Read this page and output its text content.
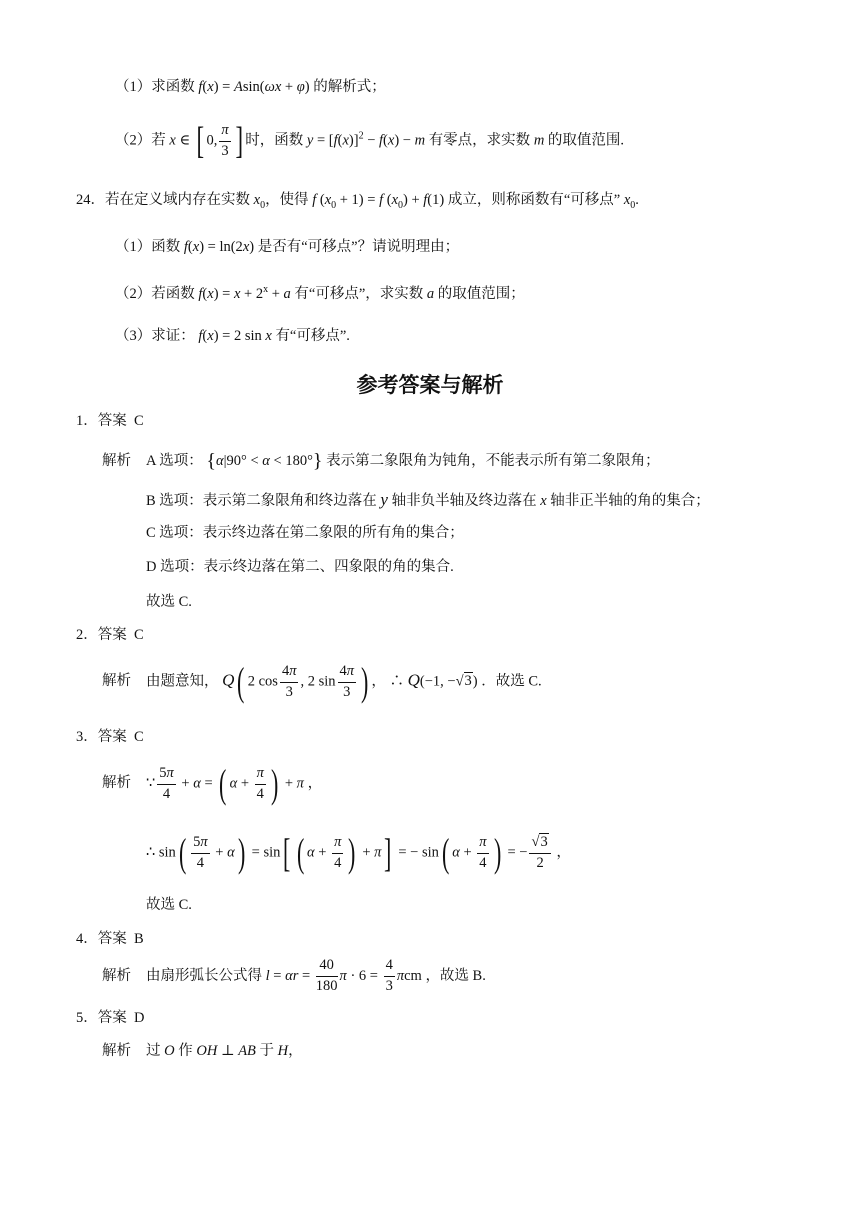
（1）求函数 f(x) = Asin(ωx + φ) 的解析式；
（2）若 x ∈ [ 0, $\frac{\pi}{3}$ ] 时，函数 $y = [f(x)]^2 - f(x) - m$ 有零点，求实数 m 的取值范围.
24．若在定义域内存在实数 $x_0$，使得 f $(x_0 + 1) = f$ $(x_0) + f(1)$ 成立，则称函数有“可移点” $x_0$.
（1）函数 f(x) = ln(2x) 是否有“可移点”？请说明理由；
（2）若函数 $f(x) = x + 2^x + a$ 有“可移点”，求实数 a 的取值范围；
（3）求证： f(x) = 2 sin x 有“可移点”.
参考答案与解析
1．答案 C
解析 A 选项： {α|90° < α < 180°} 表示第二象限角为钝角，不能表示所有第二象限角；
B 选项：表示第二象限角和终边落在 y 轴非负半轴及终边落在 x 轴非正半轴的角的集合；
C 选项：表示终边落在第二象限的所有角的集合；
D 选项：表示终边落在第二、四象限的角的集合.
故选 C.
2．答案 C
解析 由题意知， Q( 2 $\cos \frac{4\pi}{3}$ , 2 $\sin \frac{4\pi}{3}$ ) ， ∴ Q(−1, −√3) ．故选 C.
3．答案 C
解析 ∵ $\frac{5\pi}{4} + \alpha$ = ( $\alpha + \frac{\pi}{4}$ ) + π ，
∴ $\sin( \frac{5\pi}{4} + \alpha) = \sin$[ ( $\alpha + \frac{\pi}{4}$ ) + π] = − sin( $\alpha + \frac{\pi}{4}$ ) = − $\frac{√3}{2}$ ，
故选 C.
4．答案 B
解析 由扇形弧长公式得 $l = \alpha r = \frac{40}{180}$ $\pi \cdot 6 = \frac{4}{3}$ πcm ，故选 B.
5．答案 D
解析 过 O 作 OH ⊥ AB 于 H，
